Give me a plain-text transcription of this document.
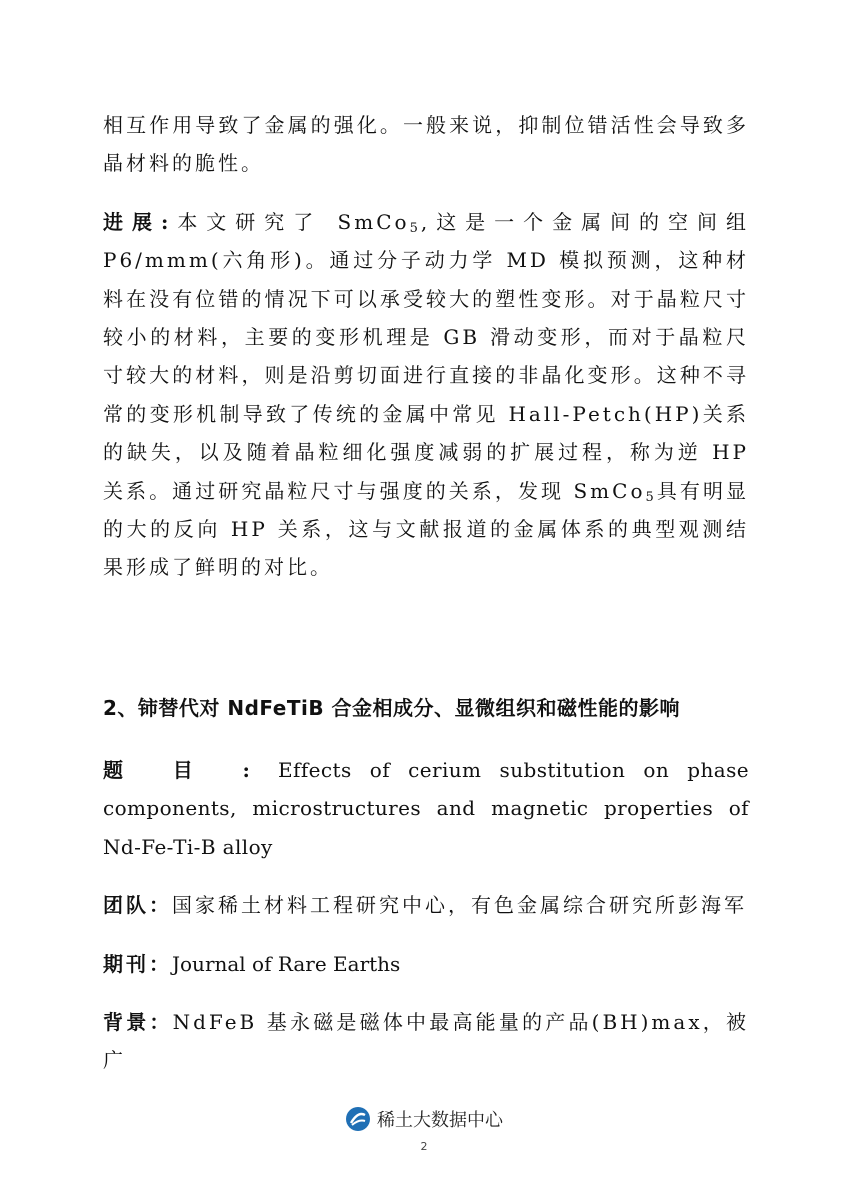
相互作用导致了金属的强化。一般来说，抑制位错活性会导致多晶材料的脆性。

进展:本文研究了 SmCo$_5$,这是一个金属间的空间组 P6/mmm(六角形)。通过分子动力学 MD 模拟预测，这种材料在没有位错的情况下可以承受较大的塑性变形。对于晶粒尺寸较小的材料，主要的变形机理是 GB 滑动变形，而对于晶粒尺寸较大的材料，则是沿剪切面进行直接的非晶化变形。这种不寻常的变形机制导致了传统的金属中常见 Hall-Petch(HP)关系的缺失，以及随着晶粒细化强度减弱的扩展过程，称为逆 HP 关系。通过研究晶粒尺寸与强度的关系，发现 SmCo$_5$具有明显的大的反向 HP 关系，这与文献报道的金属体系的典型观测结果形成了鲜明的对比。

2、铈替代对 NdFeTiB 合金相成分、显微组织和磁性能的影响

题 目 : Effects of cerium substitution on phase components, microstructures and magnetic properties of Nd-Fe-Ti-B alloy

团队：国家稀土材料工程研究中心，有色金属综合研究所彭海军

期刊：Journal of Rare Earths

背景：NdFeB 基永磁是磁体中最高能量的产品(BH)max，被广

稀土大数据中心
2
